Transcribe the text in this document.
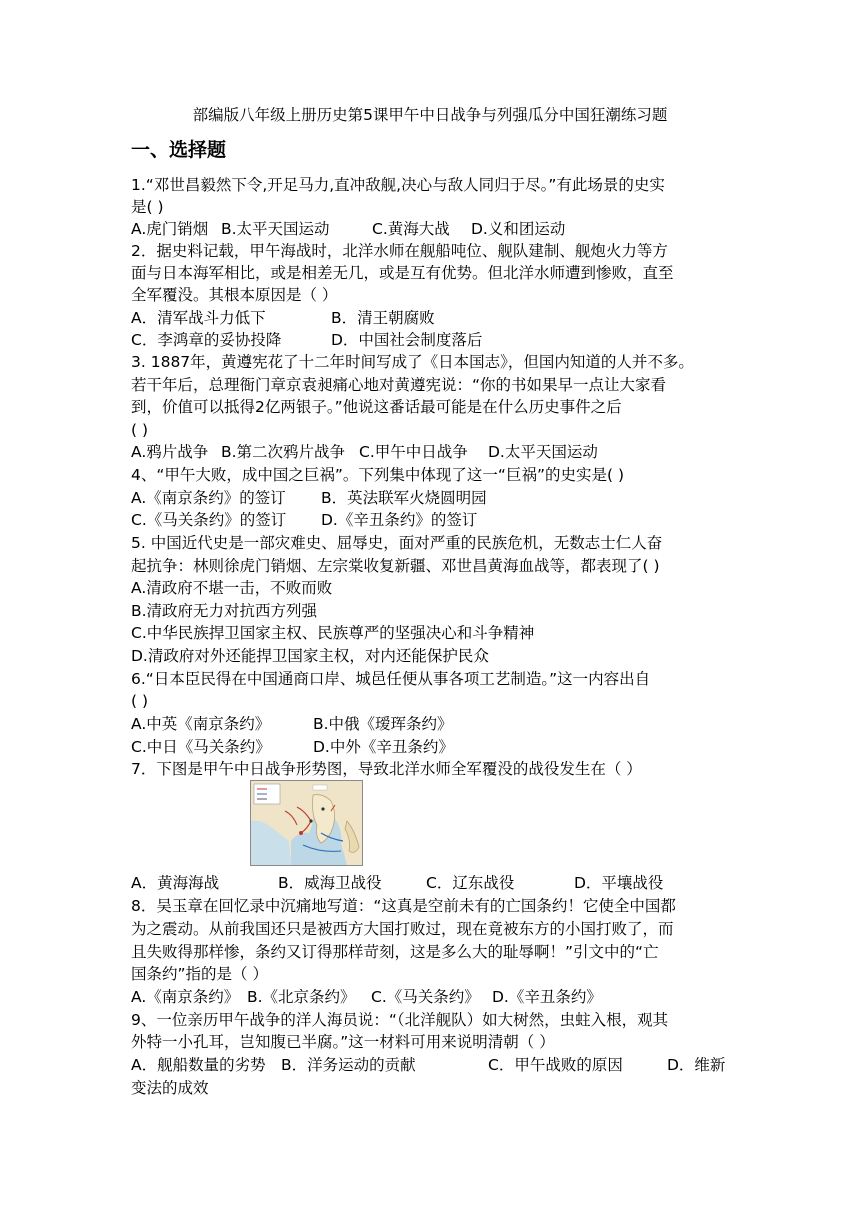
部编版八年级上册历史第5课甲午中日战争与列强瓜分中国狂潮练习题
一、选择题
1.“邓世昌毅然下令,开足马力,直冲敌舰,决心与敌人同归于尽。”有此场景的史实
是( )
A.虎门销烟 B.太平天国运动	C.黄海大战 D.义和团运动
2．据史料记载，甲午海战时，北洋水师在舰船吨位、舰队建制、舰炮火力等方
面与日本海军相比，或是相差无几，或是互有优势。但北洋水师遭到惨败，直至
全军覆没。其根本原因是（ ）
A．清军战斗力低下	B．清王朝腐败
C．李鸿章的妥协投降	D．中国社会制度落后
3. 1887年，黄遵宪花了十二年时间写成了《日本国志》，但国内知道的人并不多。
若干年后，总理衙门章京袁昶痛心地对黄遵宪说：“你的书如果早一点让大家看
到，价值可以抵得2亿两银子。”他说这番话最可能是在什么历史事件之后
( )
A.鸦片战争 B.第二次鸦片战争 C.甲午中日战争 D.太平天国运动
4、“甲午大败，成中国之巨祸”。下列集中体现了这一“巨祸”的史实是( )
A.《南京条约》的签订 B．英法联军火烧圆明园
C.《马关条约》的签订 D.《辛丑条约》的签订
5. 中国近代史是一部灾难史、屈辱史，面对严重的民族危机，无数志士仁人奋
起抗争：林则徐虎门销烟、左宗棠收复新疆、邓世昌黄海血战等，都表现了( )
A.清政府不堪一击，不败而败
B.清政府无力对抗西方列强
C.中华民族捍卫国家主权、民族尊严的坚强决心和斗争精神
D.清政府对外还能捍卫国家主权，对内还能保护民众
6.“日本臣民得在中国通商口岸、城邑任便从事各项工艺制造。”这一内容出自
( )
A.中英《南京条约》	B.中俄《瑷珲条约》
C.中日《马关条约》	D.中外《辛丑条约》
7．下图是甲午中日战争形势图，导致北洋水师全军覆没的战役发生在（ ）
A．黄海海战	B．威海卫战役	C．辽东战役	D．平壤战役
8．吴玉章在回忆录中沉痛地写道：“这真是空前未有的亡国条约！它使全中国都
为之震动。从前我国还只是被西方大国打败过，现在竟被东方的小国打败了，而
且失败得那样惨，条约又订得那样苛刻，这是多么大的耻辱啊！”引文中的“亡
国条约”指的是（ ）
A.《南京条约》 B.《北京条约》 C.《马关条约》 D.《辛丑条约》
9、一位亲历甲午战争的洋人海员说：“（北洋舰队）如大树然，虫蛀入根，观其
外特一小孔耳，岂知腹已半腐。”这一材料可用来说明清朝（ ）
A．舰船数量的劣势 B．洋务运动的贡献	C．甲午战败的原因	D．维新
变法的成效
